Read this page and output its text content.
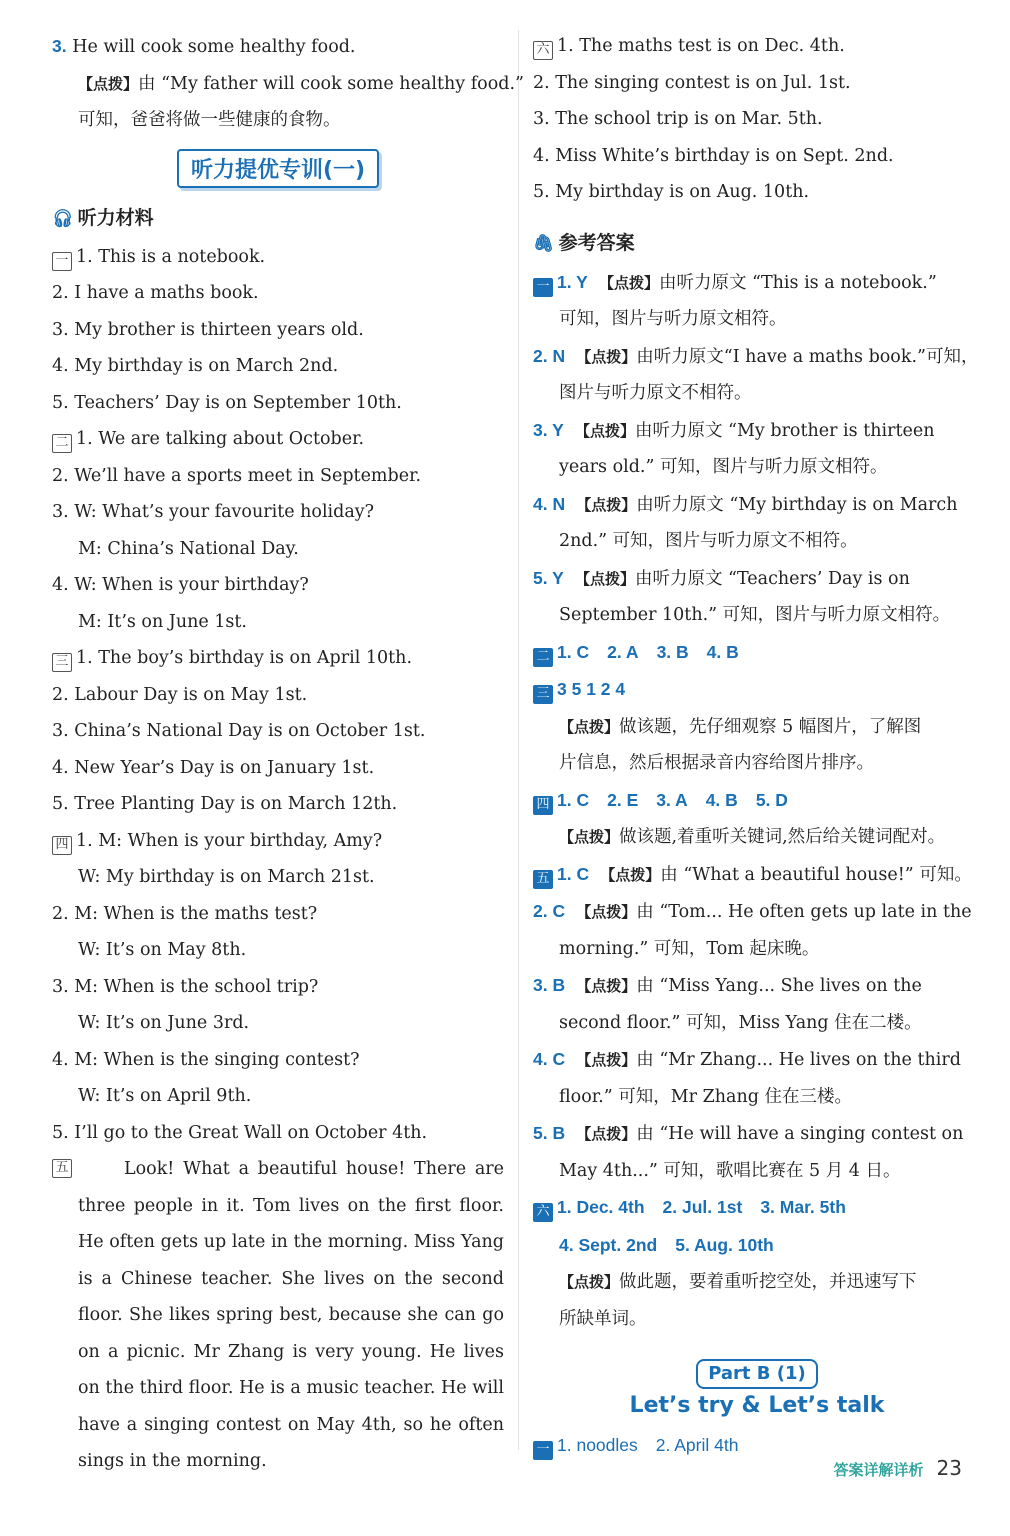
3. He will cook some healthy food.
【点拨】由 “My father will cook some healthy food.”
可知，爸爸将做一些健康的食物。
听力提优专训(一)
🎧︎ 听力材料
一 1. This is a notebook.
2. I have a maths book.
3. My brother is thirteen years old.
4. My birthday is on March 2nd.
5. Teachers’ Day is on September 10th.
二 1. We are talking about October.
2. We’ll have a sports meet in September.
3. W: What’s your favourite holiday?
M: China’s National Day.
4. W: When is your birthday?
M: It’s on June 1st.
三 1. The boy’s birthday is on April 10th.
2. Labour Day is on May 1st.
3. China’s National Day is on October 1st.
4. New Year’s Day is on January 1st.
5. Tree Planting Day is on March 12th.
四 1. M: When is your birthday, Amy?
W: My birthday is on March 21st.
2. M: When is the maths test?
W: It’s on May 8th.
3. M: When is the school trip?
W: It’s on June 3rd.
4. M: When is the singing contest?
W: It’s on April 9th.
5. I’ll go to the Great Wall on October 4th.
五	Look! What a beautiful house! There are three people in it. Tom lives on the first floor. He often gets up late in the morning. Miss Yang is a Chinese teacher. She lives on the second floor. She likes spring best, because she can go on a picnic. Mr Zhang is very young. He lives on the third floor. He is a music teacher. He will have a singing contest on May 4th, so he often sings in the morning.
六 1. The maths test is on Dec. 4th.
2. The singing contest is on Jul. 1st.
3. The school trip is on Mar. 5th.
4. Miss White’s birthday is on Sept. 2nd.
5. My birthday is on Aug. 10th.
🖇︎ 参考答案
一 1. Y 【点拨】由听力原文 “This is a notebook.”
可知，图片与听力原文相符。
2. N 【点拨】由听力原文“I have a maths book.”可知，
图片与听力原文不相符。
3. Y 【点拨】由听力原文 “My brother is thirteen
years old.” 可知，图片与听力原文相符。
4. N 【点拨】由听力原文 “My birthday is on March
2nd.” 可知，图片与听力原文不相符。
5. Y 【点拨】由听力原文 “Teachers’ Day is on
September 10th.” 可知，图片与听力原文相符。
二 1. C 2. A 3. B 4. B
三 3 5 1 2 4
【点拨】做该题，先仔细观察 5 幅图片，了解图
片信息，然后根据录音内容给图片排序。
四 1. C 2. E 3. A 4. B 5. D
【点拨】做该题,着重听关键词,然后给关键词配对。
五 1. C 【点拨】由 “What a beautiful house!” 可知。
2. C 【点拨】由 “Tom... He often gets up late in the
morning.” 可知，Tom 起床晚。
3. B 【点拨】由 “Miss Yang... She lives on the
second floor.” 可知，Miss Yang 住在二楼。
4. C 【点拨】由 “Mr Zhang... He lives on the third
floor.” 可知，Mr Zhang 住在三楼。
5. B 【点拨】由 “He will have a singing contest on
May 4th...” 可知，歌唱比赛在 5 月 4 日。
六 1. Dec. 4th 2. Jul. 1st 3. Mar. 5th
4. Sept. 2nd 5. Aug. 10th
【点拨】做此题，要着重听挖空处，并迅速写下
所缺单词。
Part B (1)
Let’s try & Let’s talk
一 1. noodles 2. April 4th
答案详解详析 23
